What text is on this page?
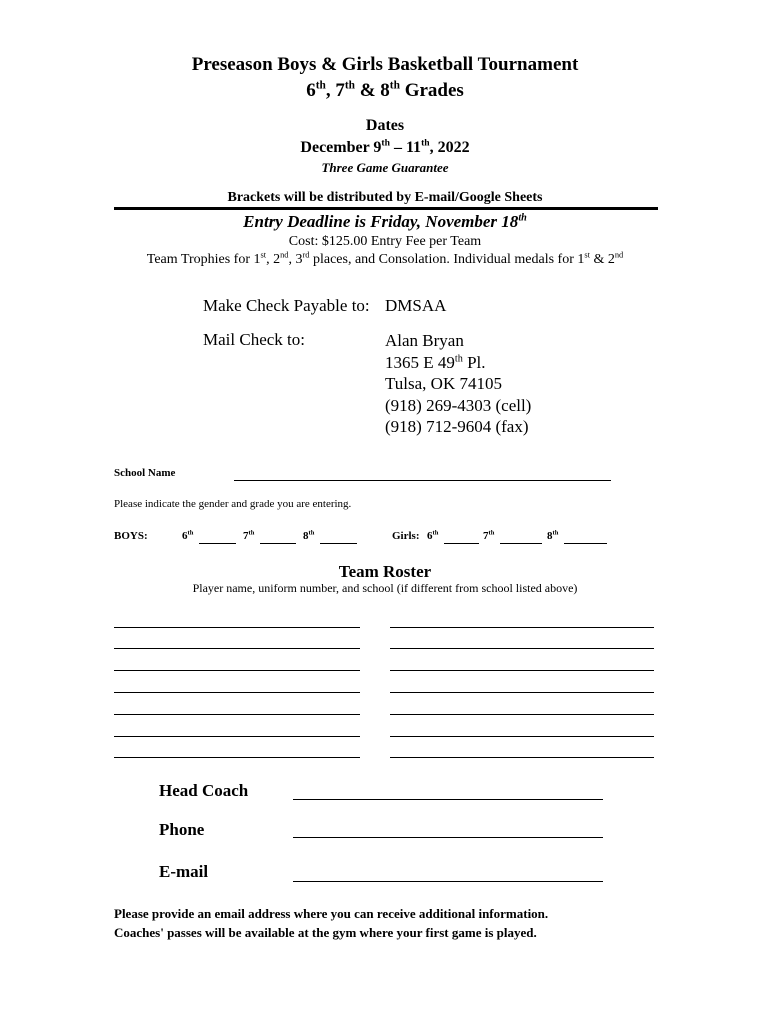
Preseason Boys & Girls Basketball Tournament
6th, 7th & 8th Grades
Dates
December 9th – 11th, 2022
Three Game Guarantee
Brackets will be distributed by E-mail/Google Sheets
Entry Deadline is Friday, November 18th
Cost: $125.00 Entry Fee per Team
Team Trophies for 1st, 2nd, 3rd places, and Consolation. Individual medals for 1st & 2nd
Make Check Payable to: DMSAA
Mail Check to:	Alan Bryan
1365 E 49th Pl.
Tulsa, OK 74105
(918) 269-4303 (cell)
(918) 712-9604 (fax)
School Name
Please indicate the gender and grade you are entering.
BOYS:	6th	7th	8th	Girls: 6th	7th	8th
Team Roster
Player name, uniform number, and school (if different from school listed above)
Head Coach
Phone
E-mail
Please provide an email address where you can receive additional information.
Coaches' passes will be available at the gym where your first game is played.
